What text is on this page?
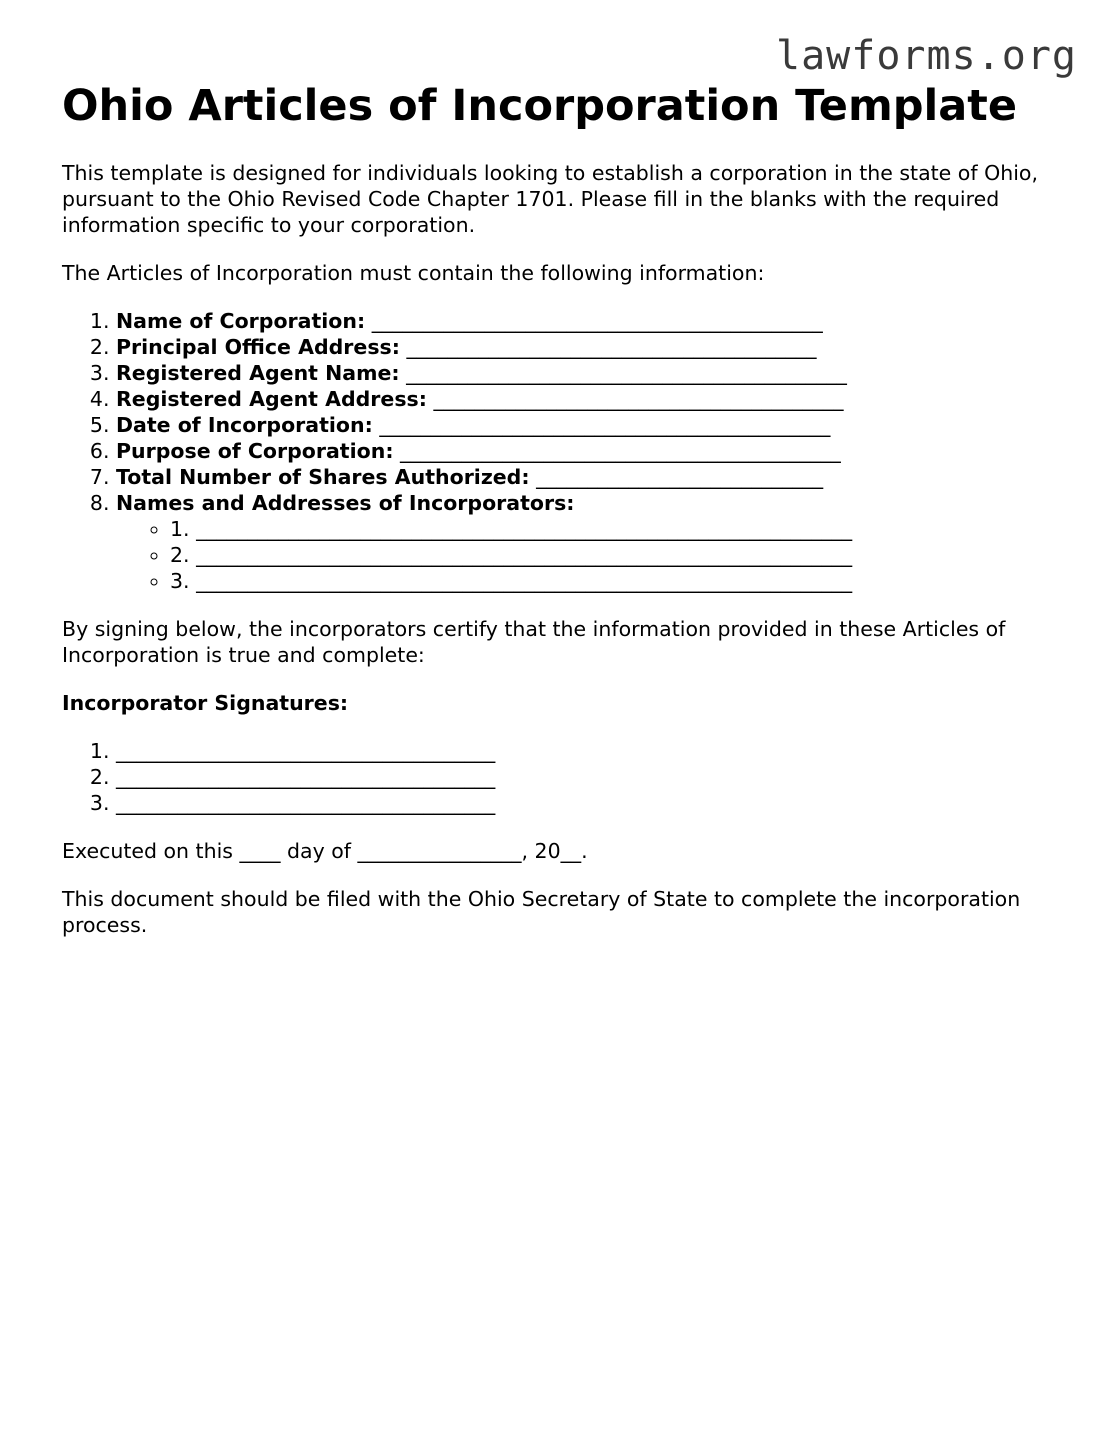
lawforms.org
Ohio Articles of Incorporation Template

This template is designed for individuals looking to establish a corporation in the state of Ohio, pursuant to the Ohio Revised Code Chapter 1701. Please fill in the blanks with the required information specific to your corporation.

The Articles of Incorporation must contain the following information:

1. Name of Corporation: ____________________________________________
2. Principal Office Address: ________________________________________
3. Registered Agent Name: ___________________________________________
4. Registered Agent Address: ________________________________________
5. Date of Incorporation: ____________________________________________
6. Purpose of Corporation: ___________________________________________
7. Total Number of Shares Authorized: ____________________________
8. Names and Addresses of Incorporators:
◦ 1. ________________________________________________________________
◦ 2. ________________________________________________________________
◦ 3. ________________________________________________________________

By signing below, the incorporators certify that the information provided in these Articles of Incorporation is true and complete:

Incorporator Signatures:

1. _____________________________________
2. _____________________________________
3. _____________________________________

Executed on this ____ day of ________________, 20__.

This document should be filed with the Ohio Secretary of State to complete the incorporation process.
